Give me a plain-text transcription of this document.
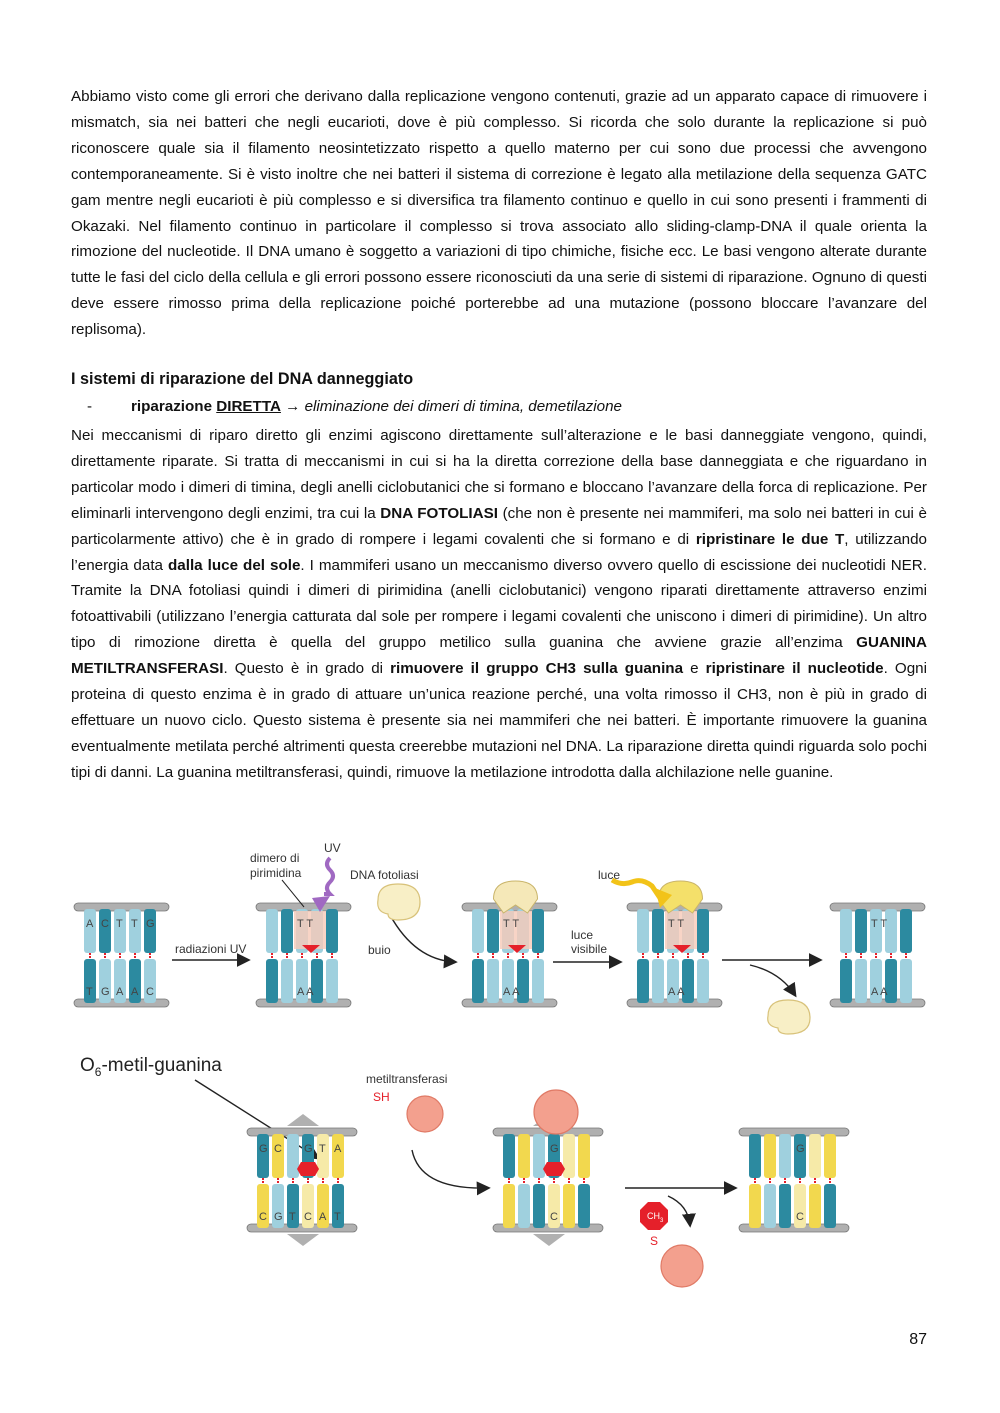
Abbiamo visto come gli errori che derivano dalla replicazione vengono contenuti, grazie ad un apparato capace di rimuovere i mismatch, sia nei batteri che negli eucarioti, dove è più complesso. Si ricorda che solo durante la replicazione si può riconoscere quale sia il filamento neosintetizzato rispetto a quello materno per cui sono due processi che avvengono contemporaneamente. Si è visto inoltre che nei batteri il sistema di correzione è legato alla metilazione della sequenza GATC gam mentre negli eucarioti è più complesso e si diversifica tra filamento continuo e quello in cui sono presenti i frammenti di Okazaki. Nel filamento continuo in particolare il complesso si trova associato allo sliding-clamp-DNA il quale orienta la rimozione del nucleotide. Il DNA umano è soggetto a variazioni di tipo chimiche, fisiche ecc. Le basi vengono alterate durante tutte le fasi del ciclo della cellula e gli errori possono essere riconosciuti da una serie di sistemi di riparazione. Ognuno di questi deve essere rimosso prima della replicazione poiché porterebbe ad una mutazione (possono bloccare l’avanzare del replisoma).

I sistemi di riparazione del DNA danneggiato

-	riparazione DIRETTA → eliminazione dei dimeri di timina, demetilazione

Nei meccanismi di riparo diretto gli enzimi agiscono direttamente sull’alterazione e le basi danneggiate vengono, quindi, direttamente riparate. Si tratta di meccanismi in cui si ha la diretta correzione della base danneggiata e che riguardano in particolar modo i dimeri di timina, degli anelli ciclobutanici che si formano e bloccano l’avanzare della forca di replicazione. Per eliminarli intervengono degli enzimi, tra cui la DNA FOTOLIASI (che non è presente nei mammiferi, ma solo nei batteri in cui è particolarmente attivo) che è in grado di rompere i legami covalenti che si formano e di ripristinare le due T, utilizzando l’energia data dalla luce del sole. I mammiferi usano un meccanismo diverso ovvero quello di escissione dei nucleotidi NER. Tramite la DNA fotoliasi quindi i dimeri di pirimidina (anelli ciclobutanici) vengono riparati direttamente attraverso enzimi fotoattivabili (utilizzano l’energia catturata dal sole per rompere i legami covalenti che uniscono i dimeri di pirimidine). Un altro tipo di rimozione diretta è quella del gruppo metilico sulla guanina che avviene grazie all’enzima GUANINA METILTRANSFERASI. Questo è in grado di rimuovere il gruppo CH3 sulla guanina e ripristinare il nucleotide. Ogni proteina di questo enzima è in grado di attuare un’unica reazione perché, una volta rimosso il CH3, non è più in grado di effettuare un nuovo ciclo. Questo sistema è presente sia nei mammiferi che nei batteri. È importante rimuovere la guanina eventualmente metilata perché altrimenti questa creerebbe mutazioni nel DNA. La riparazione diretta quindi riguarda solo pochi tipi di danni. La guanina metiltransferasi, quindi, rimuove la metilazione introdotta dalla alchilazione nelle guanine.

A
T
C
G
T
A
T
A
G
C
T T
A A
T T
A A
T T
A A
T T
A A
radiazioni UV	buio
luce
visibile
dimero di
pirimidina
UV
DNA fotoliasi	luce
$O_6-metil$-guanina
G
C
C
G T
G
C
T
A
A
T
G
C
G
C
metiltransferasi
SH
$CH_3$
S
87
